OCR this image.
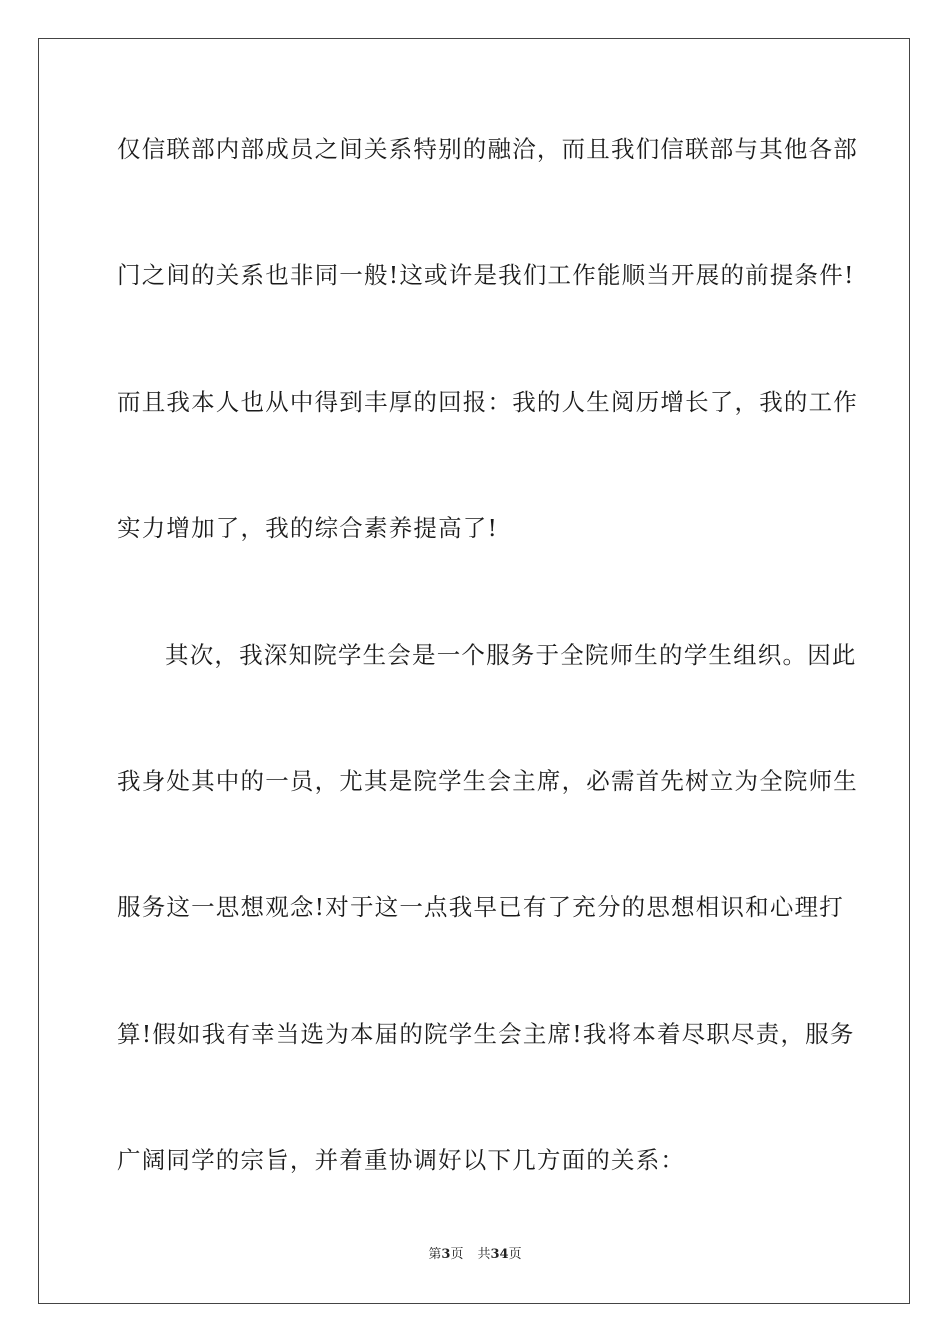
仅信联部内部成员之间关系特别的融洽，而且我们信联部与其他各部
门之间的关系也非同一般!这或许是我们工作能顺当开展的前提条件!
而且我本人也从中得到丰厚的回报：我的人生阅历增长了，我的工作
实力增加了，我的综合素养提高了!
其次，我深知院学生会是一个服务于全院师生的学生组织。因此
我身处其中的一员，尤其是院学生会主席，必需首先树立为全院师生
服务这一思想观念!对于这一点我早已有了充分的思想相识和心理打
算!假如我有幸当选为本届的院学生会主席!我将本着尽职尽责，服务
广阔同学的宗旨，并着重协调好以下几方面的关系：
第3页 共34页
